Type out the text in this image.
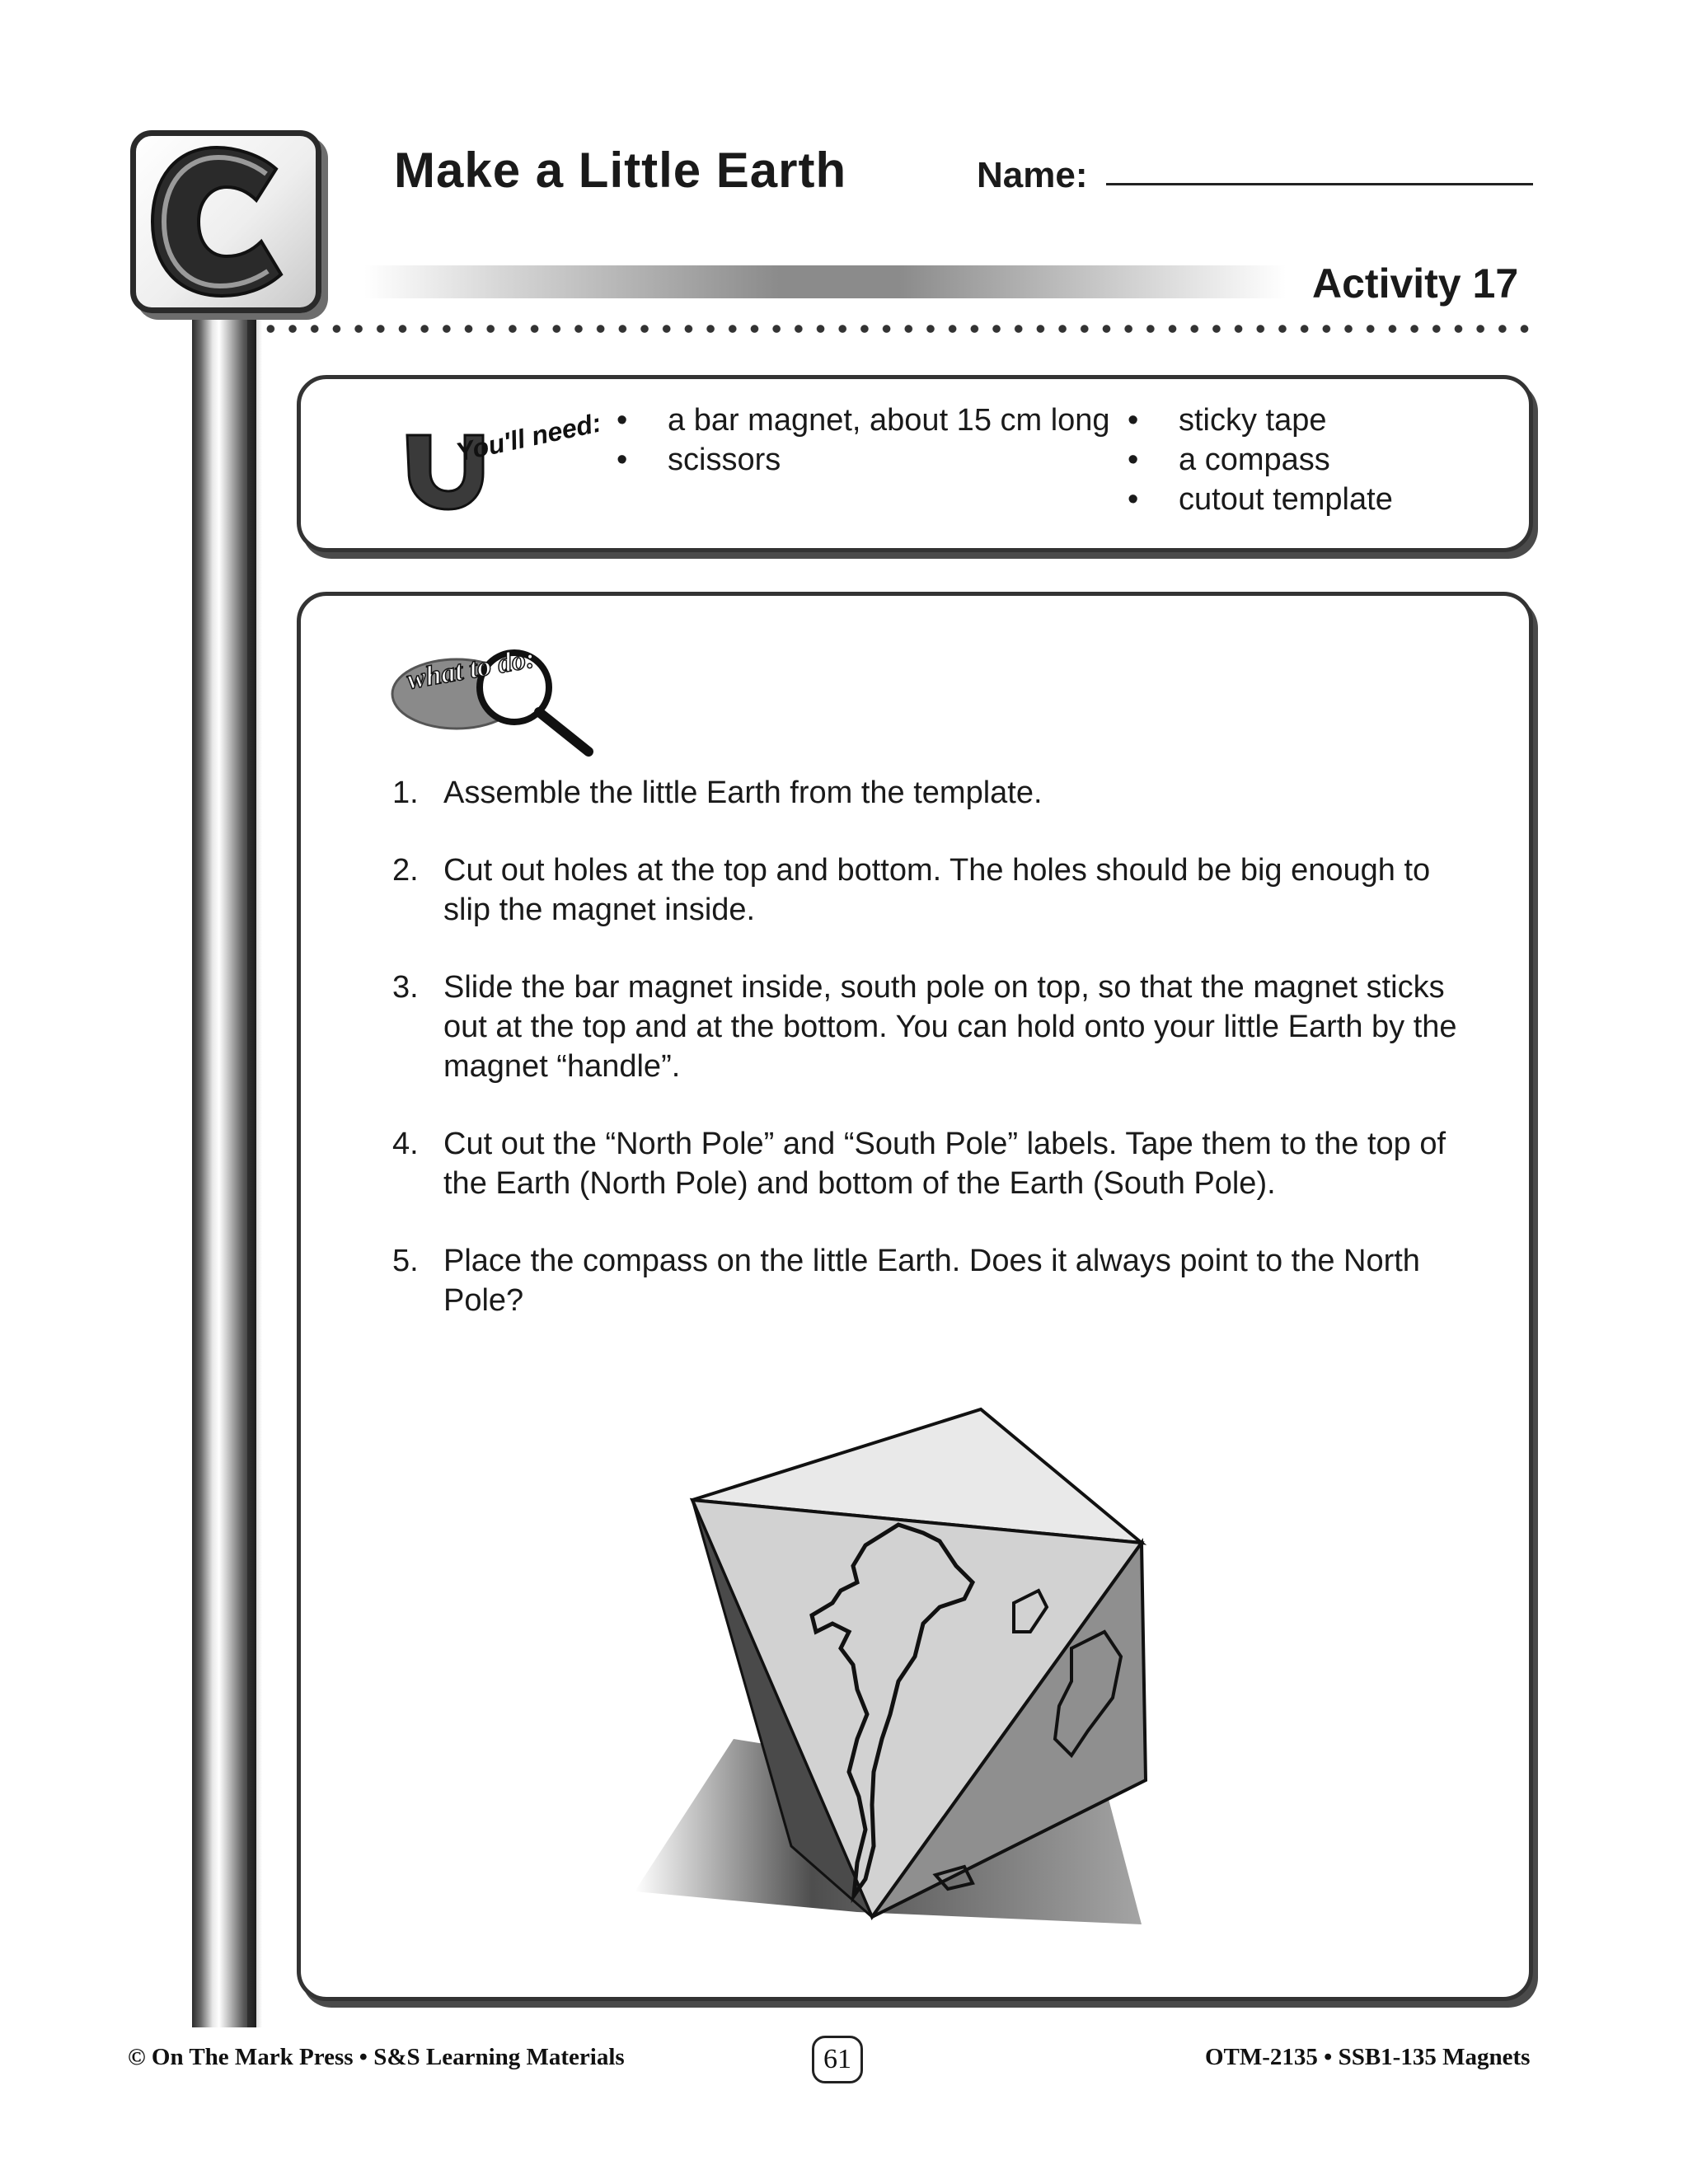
Make a Little Earth	Name:
Activity 17
You'll need:
•	a bar magnet, about 15 cm long
• scissors
• sticky tape
• a compass
• cutout template
what to do:
1. Assemble the little Earth from the template.
2. Cut out holes at the top and bottom. The holes should be big enough to slip the magnet inside.
3. Slide the bar magnet inside, south pole on top, so that the magnet sticks out at the top and at the bottom. You can hold onto your little Earth by the magnet “handle”.
4. Cut out the “North Pole” and “South Pole” labels. Tape them to the top of the Earth (North Pole) and bottom of the Earth (South Pole).
5. Place the compass on the little Earth. Does it always point to the North Pole?
© On The Mark Press • S&S Learning Materials	61	OTM-2135 • SSB1-135 Magnets
